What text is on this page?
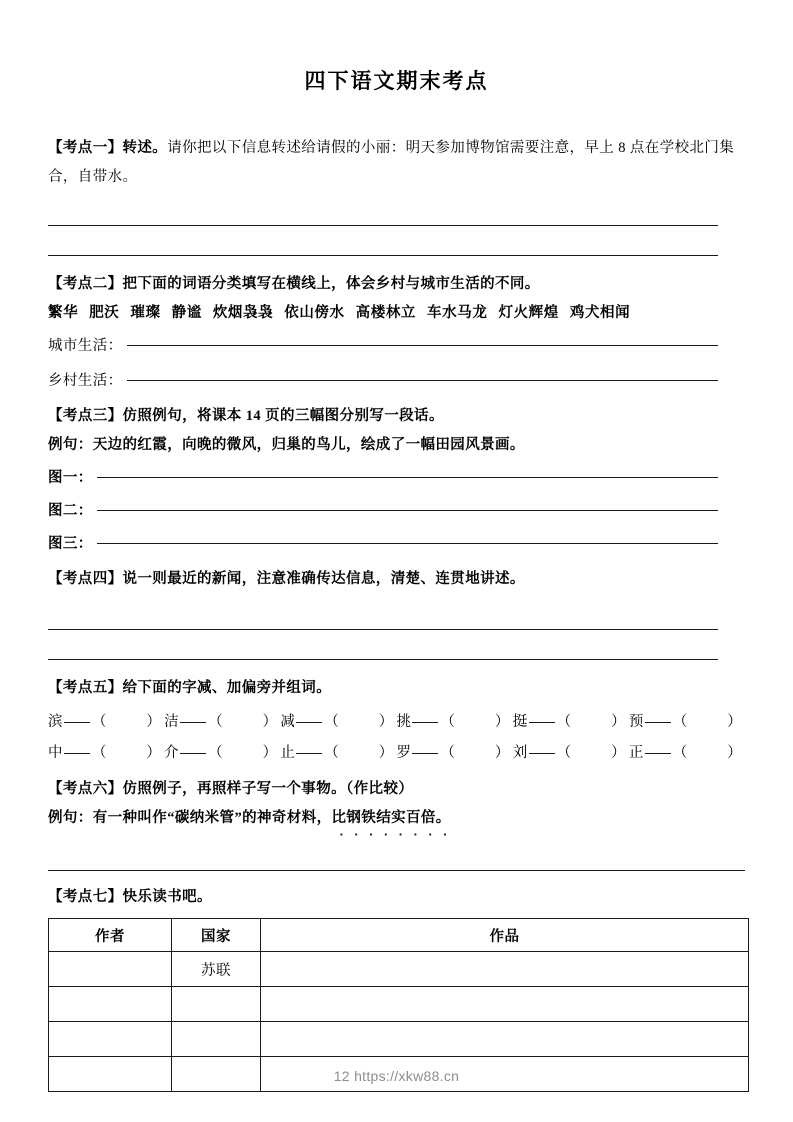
四下语文期末考点

【考点一】转述。请你把以下信息转述给请假的小丽：明天参加博物馆需要注意，早上 8 点在学校北门集合，自带水。

【考点二】把下面的词语分类填写在横线上，体会乡村与城市生活的不同。

繁华 肥沃 璀璨 静谧 炊烟袅袅 依山傍水 高楼林立 车水马龙 灯火辉煌 鸡犬相闻

城市生活：
乡村生活：

【考点三】仿照例句，将课本 14 页的三幅图分别写一段话。

例句：天边的红霞，向晚的微风，归巢的鸟儿，绘成了一幅田园风景画。

图一：
图二：
图三：

【考点四】说一则最近的新闻，注意准确传达信息，清楚、连贯地讲述。

【考点五】给下面的字减、加偏旁并组词。

滨 （	） 洁 （	） 减 （	） 挑 （	） 挺 （	） 预 （	）
中 （	） 介 （	） 止 （	） 罗 （	） 刘 （	） 正 （	）

【考点六】仿照例子，再照样子写一个事物。（作比较）

例句：有一种叫作“碳纳米管”的神奇材料，比钢铁结实百倍。

【考点七】快乐读书吧。

作者	国家	作品
	苏联	

12 https://xkw88.cn
